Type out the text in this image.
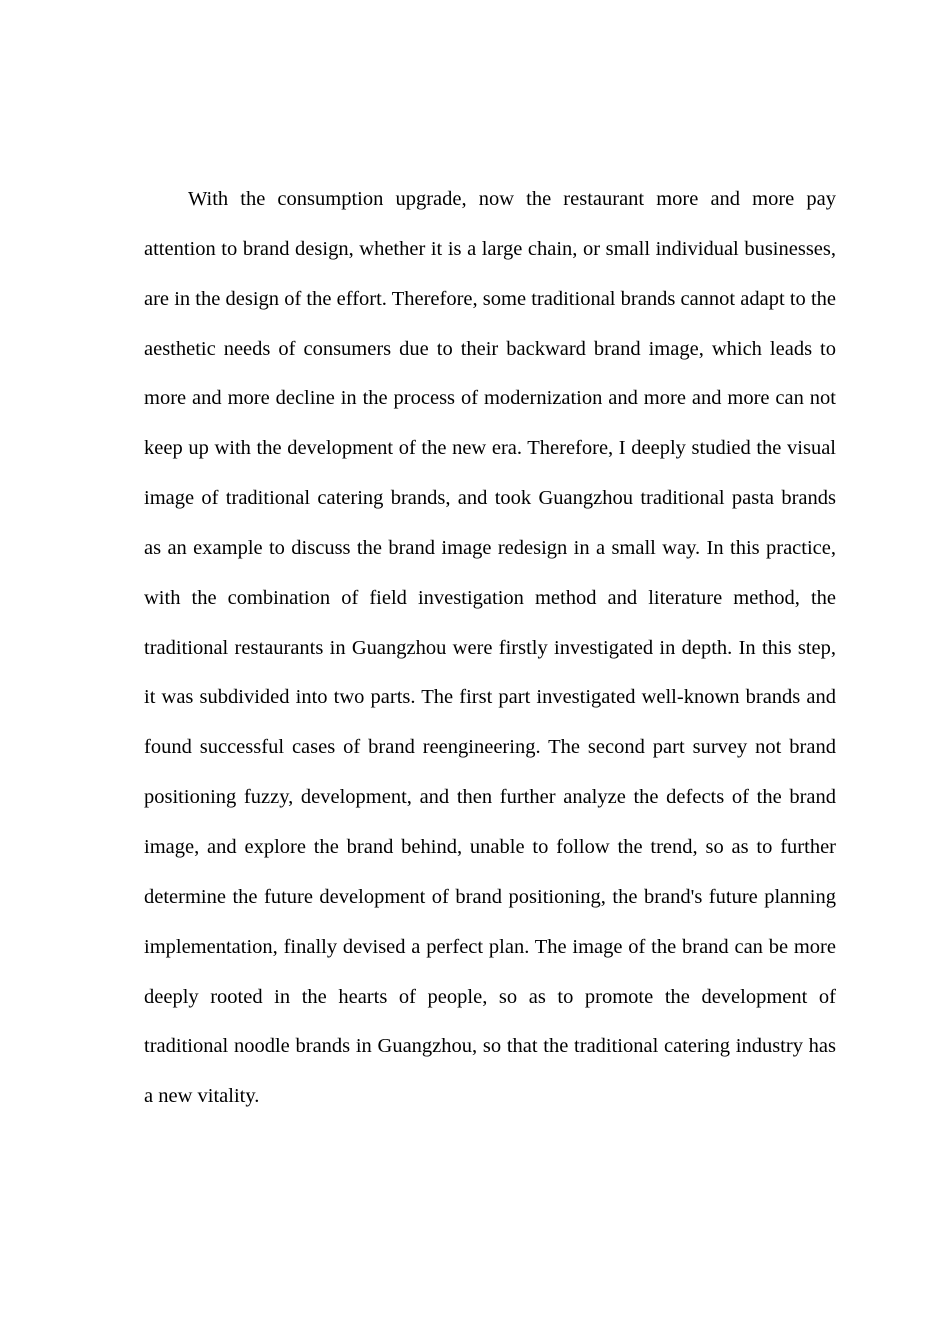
With the consumption upgrade, now the restaurant more and more pay attention to brand design, whether it is a large chain, or small individual businesses, are in the design of the effort. Therefore, some traditional brands cannot adapt to the aesthetic needs of consumers due to their backward brand image, which leads to more and more decline in the process of modernization and more and more can not keep up with the development of the new era. Therefore, I deeply studied the visual image of traditional catering brands, and took Guangzhou traditional pasta brands as an example to discuss the brand image redesign in a small way. In this practice, with the combination of field investigation method and literature method, the traditional restaurants in Guangzhou were firstly investigated in depth. In this step, it was subdivided into two parts. The first part investigated well-known brands and found successful cases of brand reengineering. The second part survey not brand positioning fuzzy, development, and then further analyze the defects of the brand image, and explore the brand behind, unable to follow the trend, so as to further determine the future development of brand positioning, the brand's future planning implementation, finally devised a perfect plan. The image of the brand can be more deeply rooted in the hearts of people, so as to promote the development of traditional noodle brands in Guangzhou, so that the traditional catering industry has a new vitality.
